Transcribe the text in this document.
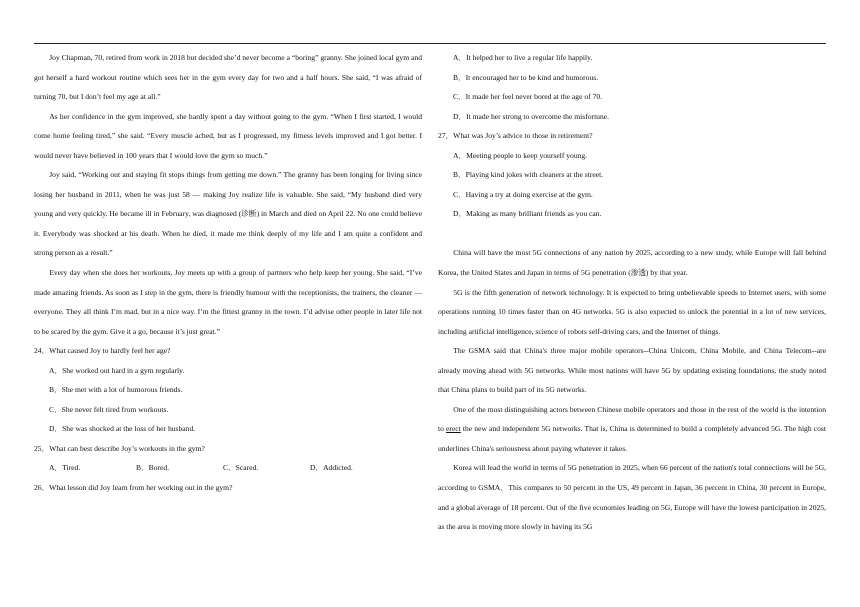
Joy Chapman, 70, retired from work in 2018 but decided she’d never become a “boring” granny. She joined local gym and got herself a hard workout routine which sees her in the gym every day for two and a half hours. She said, “I was afraid of turning 70, but I don’t feel my age at all.”

As her confidence in the gym improved, she hardly spent a day without going to the gym. “When I first started, I would come home feeling tired,” she said. “Every muscle ached, but as I progressed, my fitness levels improved and I got better. I would never have believed in 100 years that I would love the gym so much.”

Joy said, “Working out and staying fit stops things from getting me down.” The granny has been longing for living since losing her husband in 2011, when he was just 58 — making Joy realize life is valuable. She said, “My husband died very young and very quickly. He became ill in February, was diagnosed (诊断) in March and died on April 22. No one could believe it. Everybody was shocked at his death. When he died, it made me think deeply of my life and I am quite a confident and strong person as a result.”

Every day when she does her workouts, Joy meets up with a group of partners who help keep her young. She said, “I’ve made amazing friends. As soon as I step in the gym, there is friendly humour with the receptionists, the trainers, the cleaner — everyone. They all think I’m mad, but in a nice way. I’m the fittest granny in the town. I’d advise other people in later life not to be scared by the gym. Give it a go, because it’s just great.”

24．What caused Joy to hardly feel her age?

A．She worked out hard in a gym regularly.

B．She met with a lot of humorous friends.

C．She never felt tired from workouts.

D．She was shocked at the loss of her husband.

25．What can best describe Joy’s workouts in the gym?

A．Tired.	B．Bored.	C．Scared.	D．Addicted.

26．What lesson did Joy learn from her working out in the gym?

A．It helped her to live a regular life happily.

B．It encouraged her to be kind and humorous.

C．It made her feel never bored at the age of 70.

D．It made her strong to overcome the misfortune.

27．What was Joy’s advice to those in retirement?

A．Meeting people to keep yourself young.

B．Playing kind jokes with cleaners at the street.

C．Having a try at doing exercise at the gym.

D．Making as many brilliant friends as you can.

China will have the most 5G connections of any nation by 2025, according to a new study, while Europe will fall behind Korea, the United States and Japan in terms of 5G penetration (渗透) by that year.

5G is the fifth generation of network technology. It is expected to bring unbelievable speeds to Internet users, with some operations running 10 times faster than on 4G networks. 5G is also expected to unlock the potential in a lot of new services, including artificial intelligence, science of robots self-driving cars, and the Internet of things.

The GSMA said that China's three major mobile operators--China Unicom, China Mobile, and China Telecom--are already moving ahead with 5G networks. While most nations will have 5G by updating existing foundations, the study noted that China plans to build part of its 5G networks.

One of the most distinguishing actors between Chinese mobile operators and those in the rest of the world is the intention to erect the new and independent 5G networks. That is, China is determined to build a completely advanced 5G. The high cost underlines China's seriousness about paying whatever it takes.

Korea will lead the world in terms of 5G penetration in 2025, when 66 percent of the nation's total connections will be 5G, according to GSMA．This compares to 50 percent in the US, 49 percent in Japan, 36 percent in China, 30 percent in Europe, and a global average of 18 percent. Out of the five economies leading on 5G, Europe will have the lowest participation in 2025, as the area is moving more slowly in having its 5G
